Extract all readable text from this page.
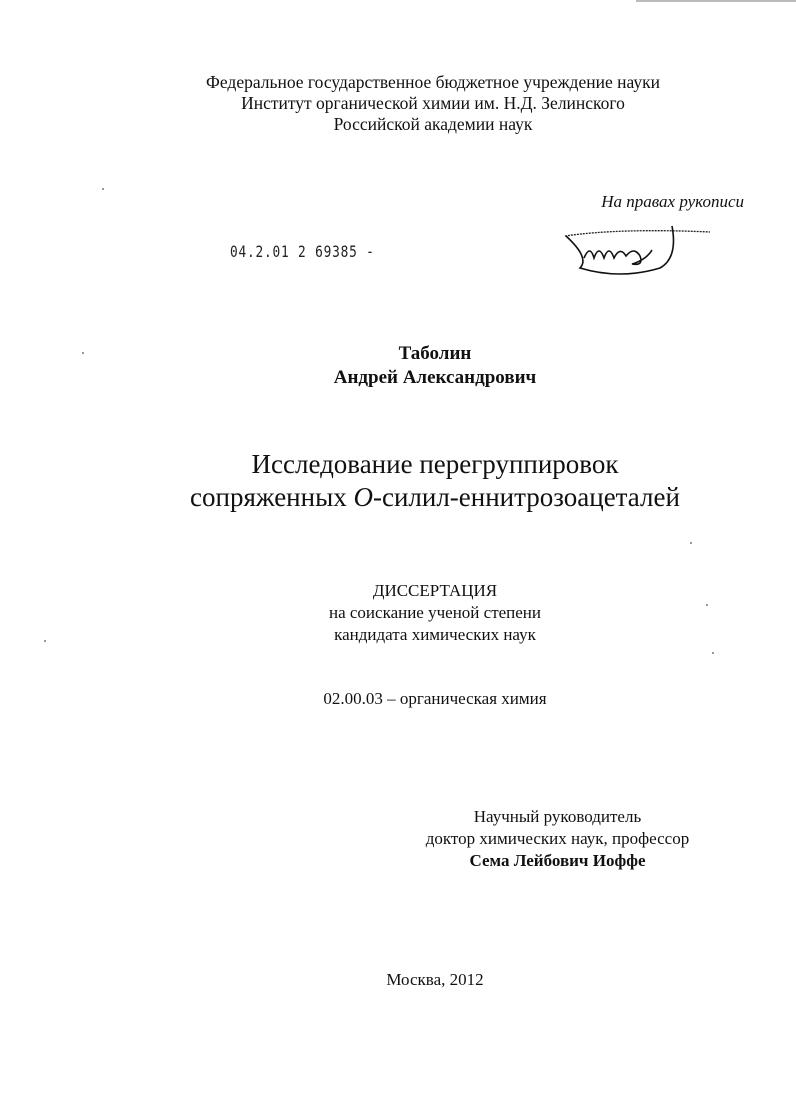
Федеральное государственное бюджетное учреждение науки
Институт органической химии им. Н.Д. Зелинского
Российской академии наук
На правах рукописи
04.2.01 2 69385 -
Таболин
Андрей Александрович
Исследование перегруппировок
сопряженных O-силил-еннитрозоацеталей
ДИССЕРТАЦИЯ
на соискание ученой степени
кандидата химических наук
02.00.03 – органическая химия
Научный руководитель
доктор химических наук, профессор
Сема Лейбович Иоффе
Москва, 2012
